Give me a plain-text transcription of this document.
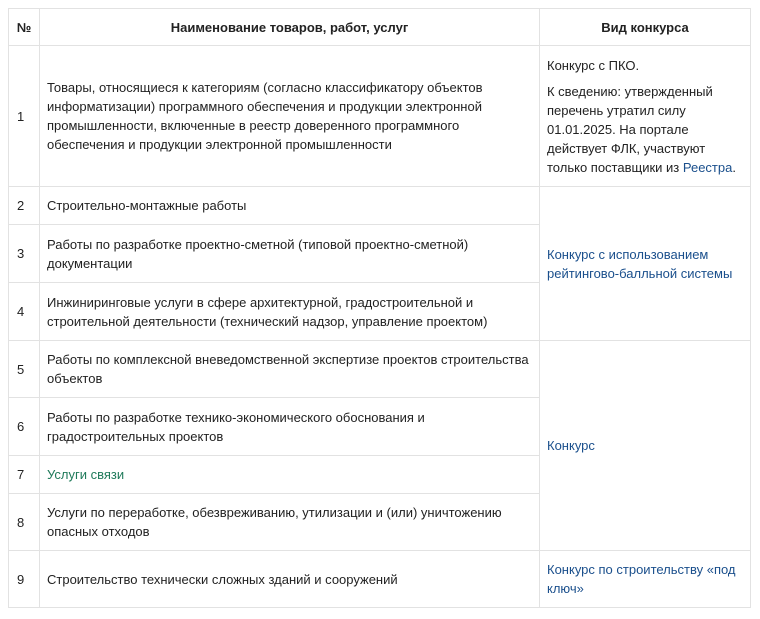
№	Наименование товаров, работ, услуг	Вид конкурса
1	Товары, относящиеся к категориям (согласно классификатору объектов информатизации) программного обеспечения и продукции электронной промышленности, включенные в реестр доверенного программного обеспечения и продукции электронной промышленности	Конкурс с ПКО.

К сведению: утвержденный перечень утратил силу 01.01.2025. На портале действует ФЛК, участвуют только поставщики из Реестра.

2	Строительно-монтажные работы	Конкурс с использованием рейтингово-балльной системы
3	Работы по разработке проектно-сметной (типовой проектно-сметной) документации	
4	Инжиниринговые услуги в сфере архитектурной, градостроительной и строительной деятельности (технический надзор, управление проектом)	
5	Работы по комплексной вневедомственной экспертизе проектов строительства объектов	Конкурс
6	Работы по разработке технико-экономического обоснования и градостроительных проектов	
7	Услуги связи	
8	Услуги по переработке, обезвреживанию, утилизации и (или) уничтожению опасных отходов	
9	Строительство технически сложных зданий и сооружений	Конкурс по строительству «под ключ»
